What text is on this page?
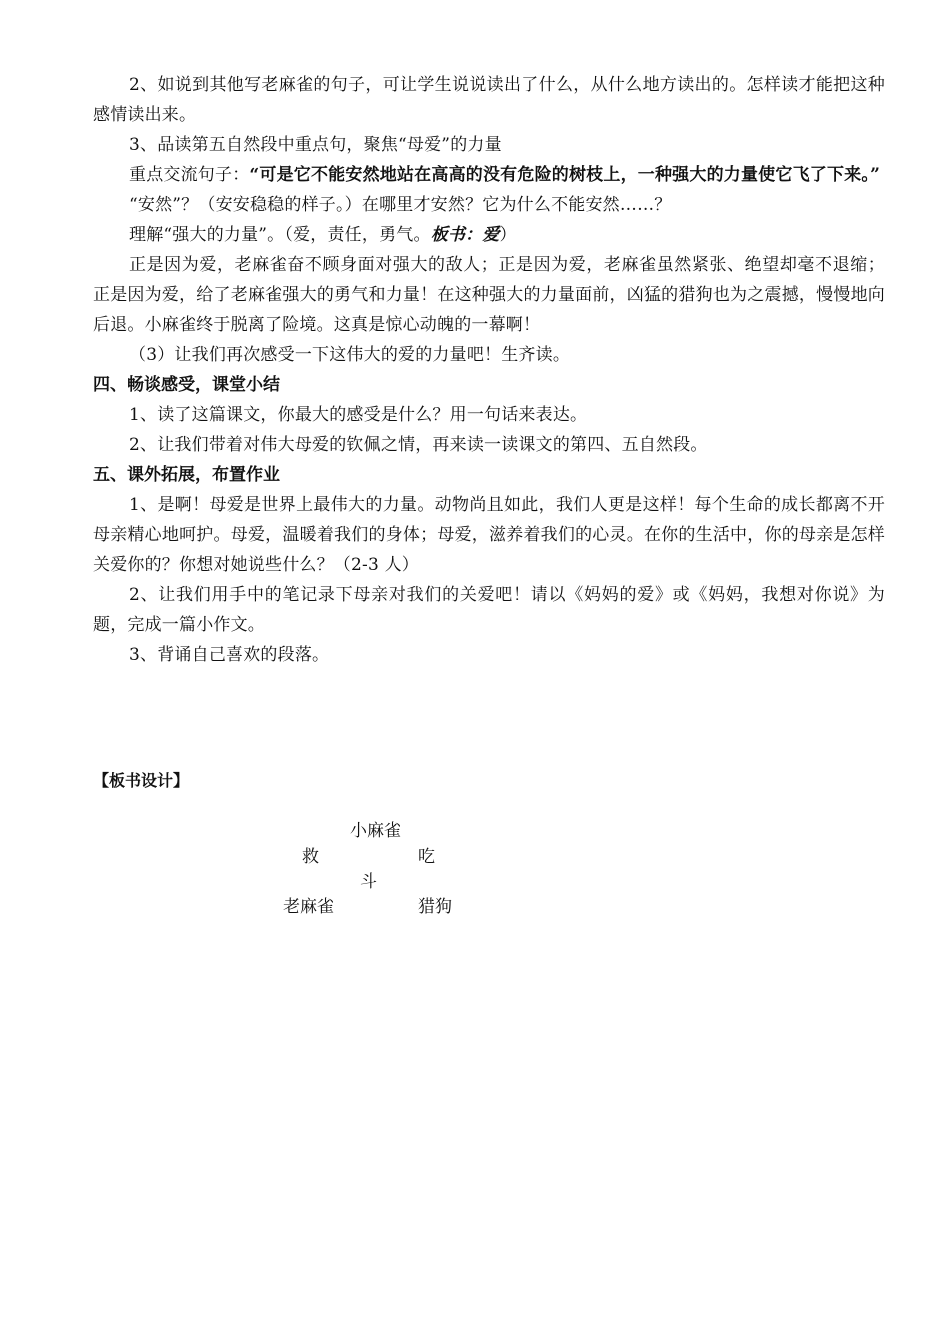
2、如说到其他写老麻雀的句子，可让学生说说读出了什么，从什么地方读出的。怎样读才能把这种感情读出来。

3、品读第五自然段中重点句，聚焦“母爱”的力量

重点交流句子：“可是它不能安然地站在高高的没有危险的树枝上，一种强大的力量使它飞了下来。”

“安然”？（安安稳稳的样子。）在哪里才安然？它为什么不能安然……？

理解“强大的力量”。（爱，责任，勇气。板书：爱）

正是因为爱，老麻雀奋不顾身面对强大的敌人；正是因为爱，老麻雀虽然紧张、绝望却毫不退缩；正是因为爱，给了老麻雀强大的勇气和力量！在这种强大的力量面前，凶猛的猎狗也为之震撼，慢慢地向后退。小麻雀终于脱离了险境。这真是惊心动魄的一幕啊！

（3）让我们再次感受一下这伟大的爱的力量吧！生齐读。

四、畅谈感受，课堂小结

1、读了这篇课文，你最大的感受是什么？用一句话来表达。

2、让我们带着对伟大母爱的钦佩之情，再来读一读课文的第四、五自然段。

五、课外拓展，布置作业

1、是啊！母爱是世界上最伟大的力量。动物尚且如此，我们人更是这样！每个生命的成长都离不开母亲精心地呵护。母爱，温暖着我们的身体；母爱，滋养着我们的心灵。在你的生活中，你的母亲是怎样关爱你的？你想对她说些什么？（2-3 人）

2、让我们用手中的笔记录下母亲对我们的关爱吧！请以《妈妈的爱》或《妈妈，我想对你说》为题，完成一篇小作文。

3、背诵自己喜欢的段落。

【板书设计】

小麻雀
救	吃
斗
老麻雀	猎狗
